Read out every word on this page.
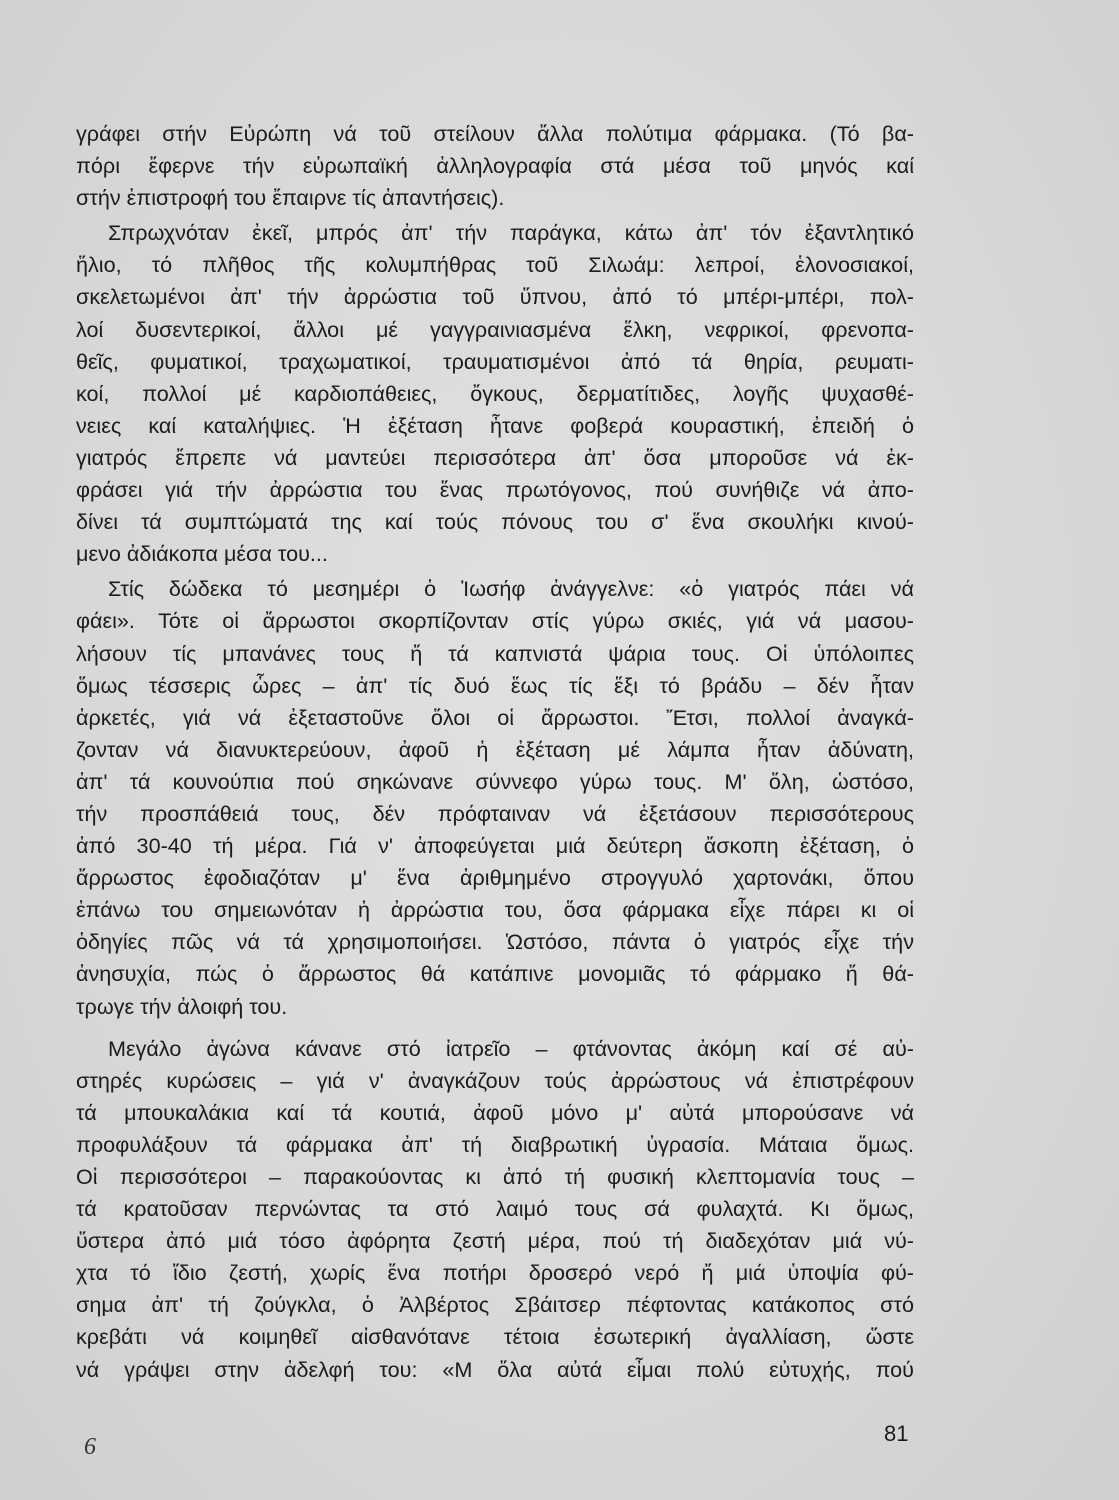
γράφει στήν Εὐρώπη νά τοῦ στείλουν ἄλλα πολύτιμα φάρμακα. (Τό βα-
πόρι ἔφερνε τήν εὐρωπαϊκή ἀλληλογραφία στά μέσα τοῦ μηνός καί
στήν ἐπιστροφή του ἔπαιρνε τίς ἀπαντήσεις).
Σπρωχνόταν ἐκεῖ, μπρός ἀπ' τήν παράγκα, κάτω ἀπ' τόν ἐξαντλητικό
ἥλιο, τό πλῆθος τῆς κολυμπήθρας τοῦ Σιλωάμ: λεπροί, ἑλονοσιακοί,
σκελετωμένοι ἀπ' τήν ἀρρώστια τοῦ ὕπνου, ἀπό τό μπέρι-μπέρι, πολ-
λοί δυσεντερικοί, ἄλλοι μέ γαγγραινιασμένα ἕλκη, νεφρικοί, φρενοπα-
θεῖς, φυματικοί, τραχωματικοί, τραυματισμένοι ἀπό τά θηρία, ρευματι-
κοί, πολλοί μέ καρδιοπάθειες, ὄγκους, δερματίτιδες, λογῆς ψυχασθέ-
νειες καί καταλήψιες. Ἡ ἐξέταση ἦτανε φοβερά κουραστική, ἐπειδή ὁ
γιατρός ἔπρεπε νά μαντεύει περισσότερα ἀπ' ὅσα μποροῦσε νά ἐκ-
φράσει γιά τήν ἀρρώστια του ἕνας πρωτόγονος, πού συνήθιζε νά ἀπο-
δίνει τά συμπτώματά της καί τούς πόνους του σ' ἕνα σκουλήκι κινού-
μενο ἀδιάκοπα μέσα του...
Στίς δώδεκα τό μεσημέρι ὁ Ἰωσήφ ἀνάγγελνε: «ὁ γιατρός πάει νά
φάει». Τότε οἱ ἄρρωστοι σκορπίζονταν στίς γύρω σκιές, γιά νά μασου-
λήσουν τίς μπανάνες τους ἤ τά καπνιστά ψάρια τους. Οἱ ὑπόλοιπες
ὅμως τέσσερις ὧρες – ἀπ' τίς δυό ἕως τίς ἕξι τό βράδυ – δέν ἦταν
ἀρκετές, γιά νά ἐξεταστοῦνε ὅλοι οἱ ἄρρωστοι. Ἔτσι, πολλοί ἀναγκά-
ζονταν νά διανυκτερεύουν, ἀφοῦ ἡ ἐξέταση μέ λάμπα ἦταν ἀδύνατη,
ἀπ' τά κουνούπια πού σηκώνανε σύννεφο γύρω τους. Μ' ὅλη, ὡστόσο,
τήν προσπάθειά τους, δέν πρόφταιναν νά ἐξετάσουν περισσότερους
ἀπό 30-40 τή μέρα. Γιά ν' ἀποφεύγεται μιά δεύτερη ἄσκοπη ἐξέταση, ὁ
ἄρρωστος ἐφοδιαζόταν μ' ἕνα ἀριθμημένο στρογγυλό χαρτονάκι, ὅπου
ἐπάνω του σημειωνόταν ἡ ἀρρώστια του, ὅσα φάρμακα εἶχε πάρει κι οἱ
ὁδηγίες πῶς νά τά χρησιμοποιήσει. Ὡστόσο, πάντα ὁ γιατρός εἶχε τήν
ἀνησυχία, πώς ὁ ἄρρωστος θά κατάπινε μονομιᾶς τό φάρμακο ἤ θά-
τρωγε τήν ἀλοιφή του.
Μεγάλο ἀγώνα κάνανε στό ἰατρεῖο – φτάνοντας ἀκόμη καί σέ αὐ-
στηρές κυρώσεις – γιά ν' ἀναγκάζουν τούς ἀρρώστους νά ἐπιστρέφουν
τά μπουκαλάκια καί τά κουτιά, ἀφοῦ μόνο μ' αὐτά μπορούσανε νά
προφυλάξουν τά φάρμακα ἀπ' τή διαβρωτική ὑγρασία. Μάταια ὅμως.
Οἱ περισσότεροι – παρακούοντας κι ἀπό τή φυσική κλεπτομανία τους –
τά κρατοῦσαν περνώντας τα στό λαιμό τους σά φυλαχτά. Κι ὅμως,
ὕστερα ἀπό μιά τόσο ἀφόρητα ζεστή μέρα, πού τή διαδεχόταν μιά νύ-
χτα τό ἴδιο ζεστή, χωρίς ἕνα ποτήρι δροσερό νερό ἤ μιά ὑποψία φύ-
σημα ἀπ' τή ζούγκλα, ὁ Ἀλβέρτος Σβάιτσερ πέφτοντας κατάκοπος στό
κρεβάτι νά κοιμηθεῖ αἰσθανότανε τέτοια ἐσωτερική ἀγαλλίαση, ὥστε
νά γράψει στην ἀδελφή του: «Μ ὅλα αὐτά εἶμαι πολύ εὐτυχής, πού
6
81
